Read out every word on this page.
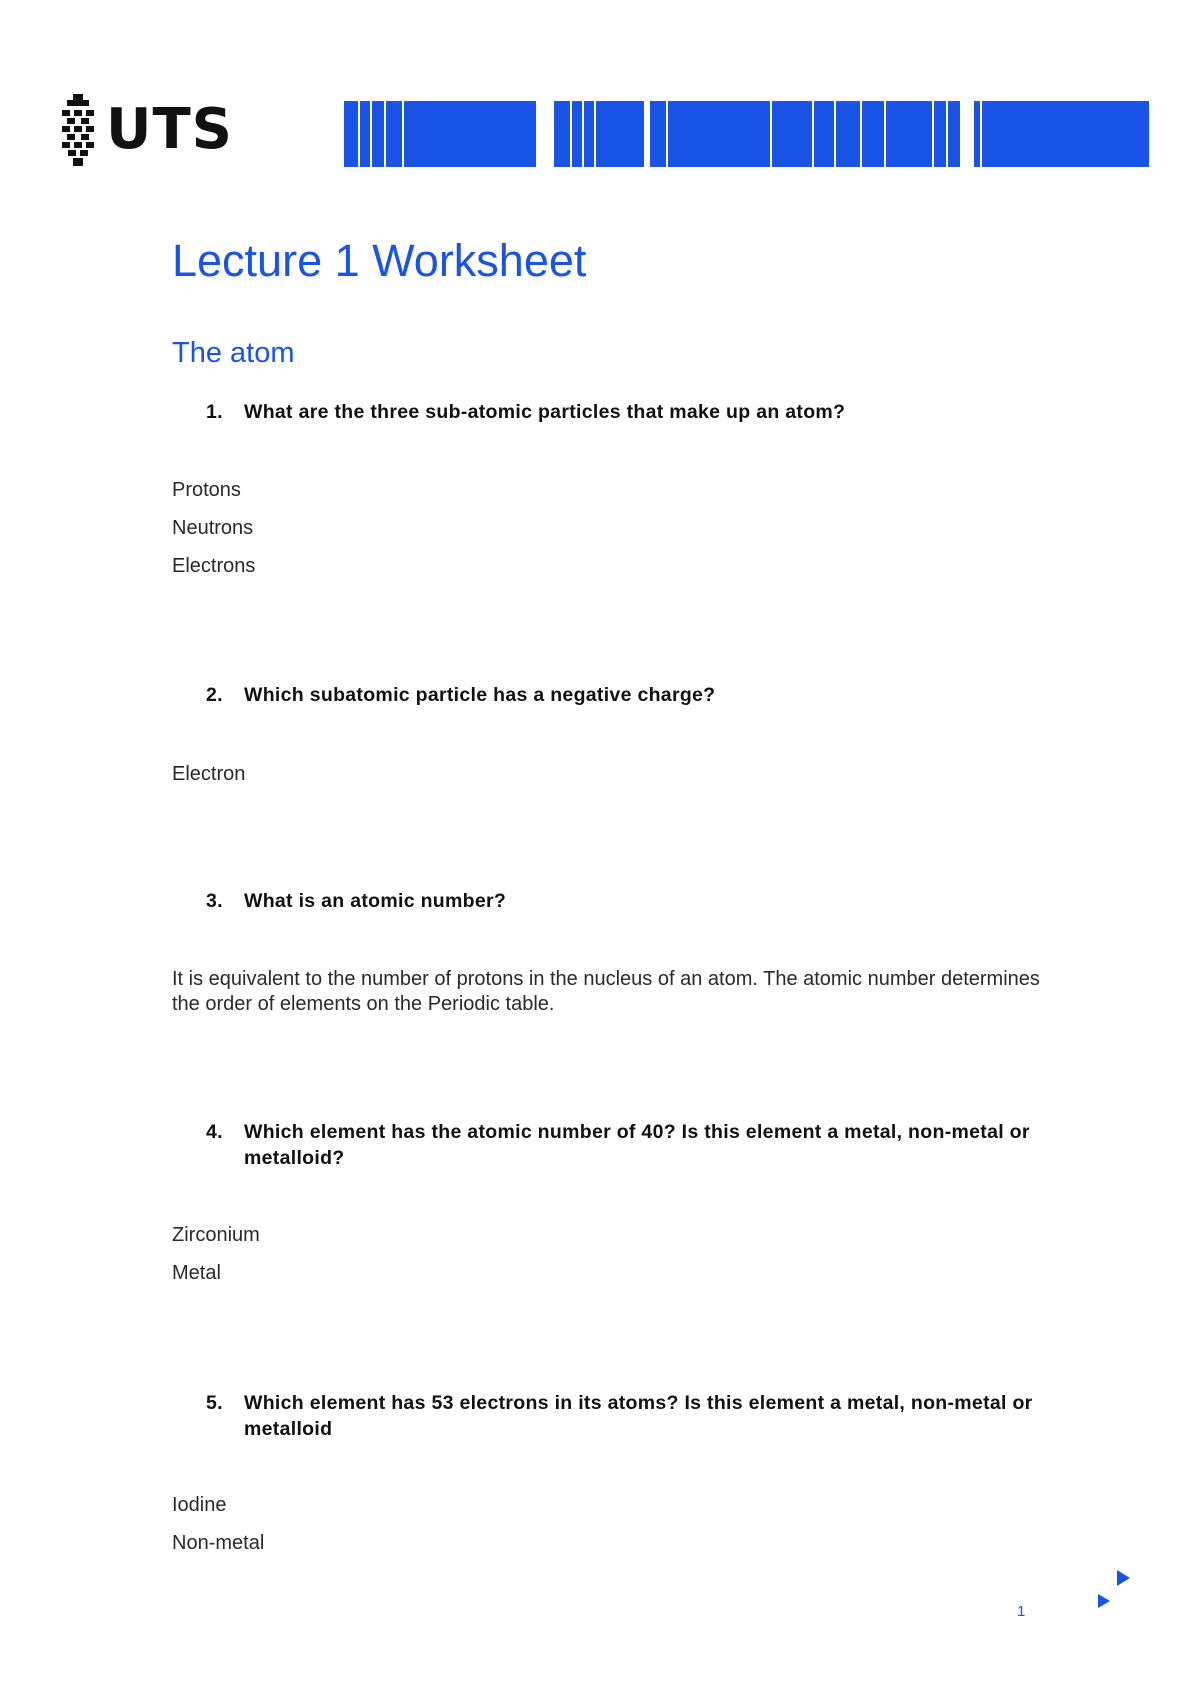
UTS
Lecture 1 Worksheet
The atom
1. What are the three sub-atomic particles that make up an atom?
Protons
Neutrons
Electrons
2. Which subatomic particle has a negative charge?
Electron
3. What is an atomic number?
It is equivalent to the number of protons in the nucleus of an atom. The atomic number determines the order of elements on the Periodic table.
4. Which element has the atomic number of 40? Is this element a metal, non-metal or metalloid?
Zirconium
Metal
5. Which element has 53 electrons in its atoms? Is this element a metal, non-metal or metalloid
Iodine
Non-metal
1
